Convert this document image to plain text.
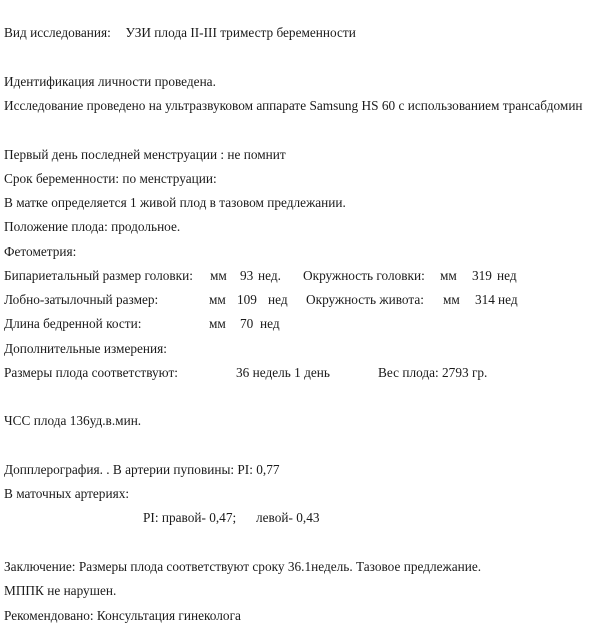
Вид исследования: УЗИ плода II-III триместр беременности
Идентификация личности проведена.
Исследование проведено на ультразвуковом аппарате Samsung HS 60 с использованием трансабдомин
Первый день последней менструации : не помнит
Срок беременности: по менструации:
В матке определяется 1 живой плод в тазовом предлежании.
Положение плода: продольное.
Фетометрия:
Бипариетальный размер головки: мм 93 нед. Окружность головки: мм 319 нед
Лобно-затылочный размер:	мм 109 нед Окружность живота: мм 314 нед
Длина бедренной кости:	мм 70 нед
Дополнительные измерения:
Размеры плода соответствуют:	36 недель 1 день	Вес плода: 2793 гр.
ЧСС плода 136уд.в.мин.
Допплерография. . В артерии пуповины: PI: 0,77
В маточных артериях:
PI: правой- 0,47; левой- 0,43
Заключение: Размеры плода соответствуют сроку 36.1недель. Тазовое предлежание.
МППК не нарушен.
Рекомендовано: Консультация гинеколога
